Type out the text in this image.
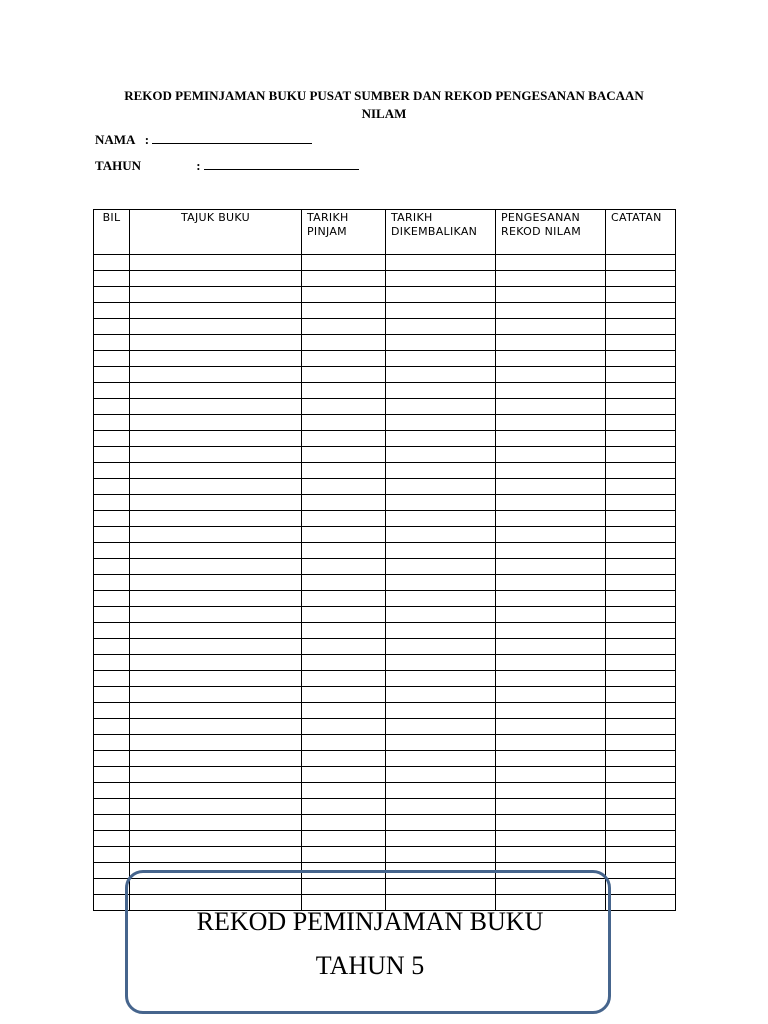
REKOD PEMINJAMAN BUKU PUSAT SUMBER DAN REKOD PENGESANAN BACAAN
NILAM
NAMA :
TAHUN	:
BIL	TAJUK BUKU	TARIKH PINJAM	TARIKH DIKEMBALIKAN	PENGESANAN REKOD NILAM	CATATAN

REKOD PEMINJAMAN BUKU
TAHUN 5
